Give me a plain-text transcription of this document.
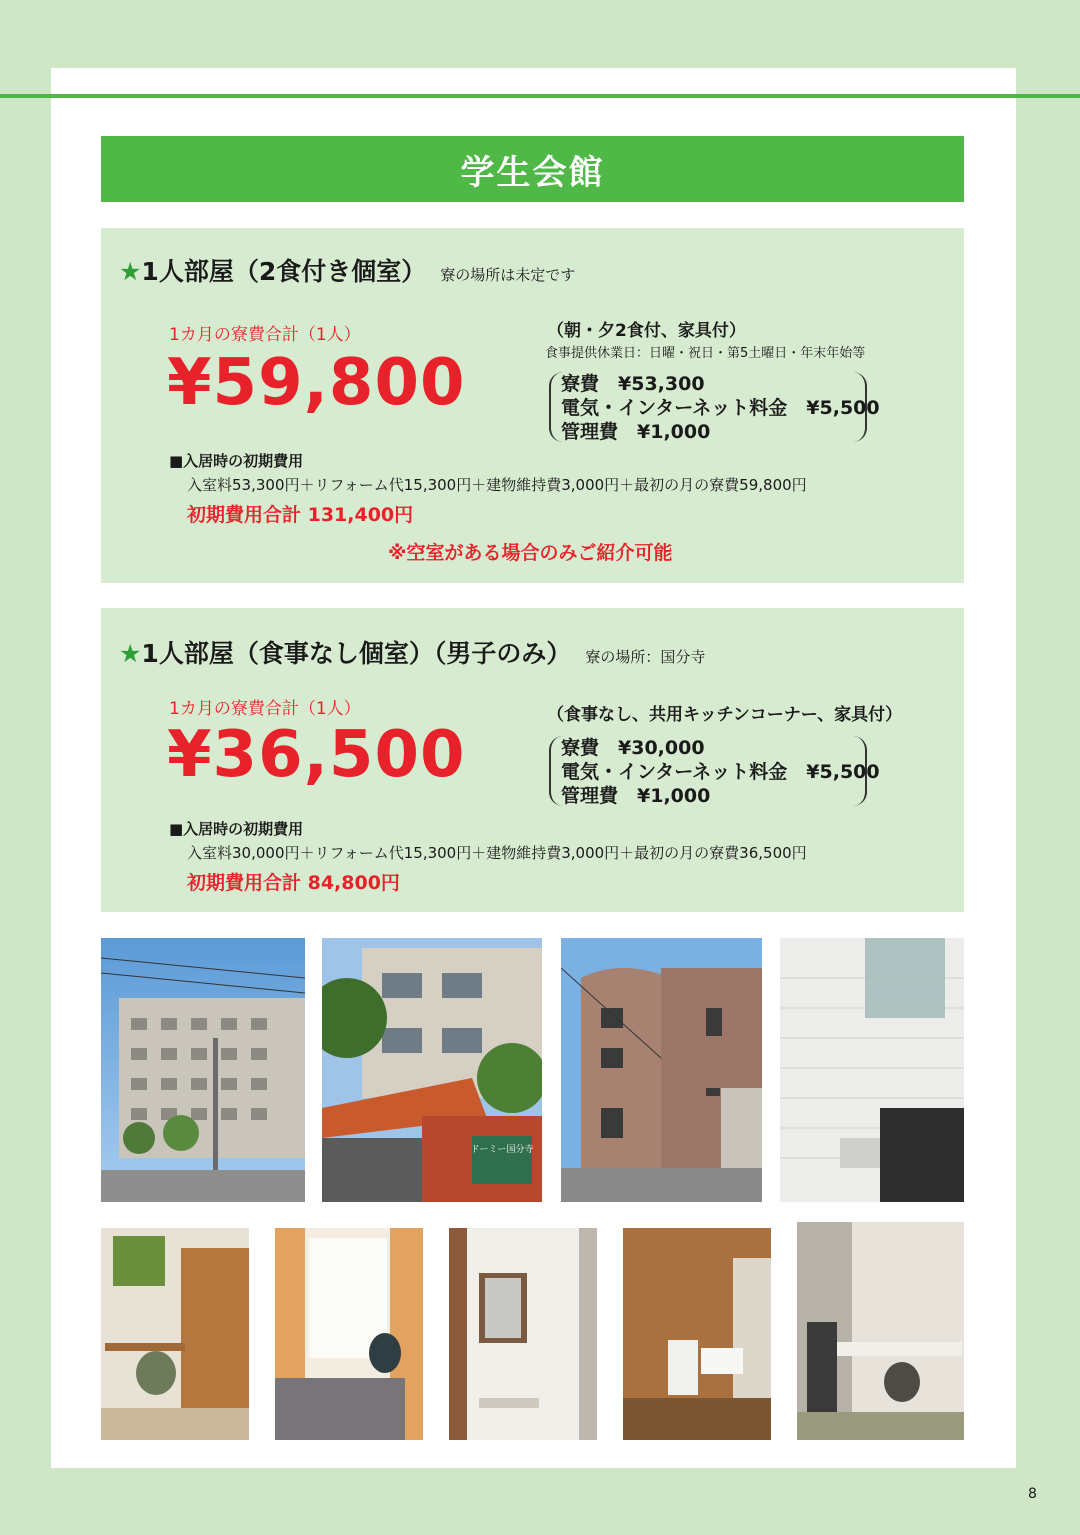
学生会館
★1人部屋（2食付き個室） 寮の場所は未定です
1カ月の寮費合計（1人）
¥59,800
（朝・夕2食付、家具付）
食事提供休業日：日曜・祝日・第5土曜日・年末年始等
寮費　¥53,300
電気・インターネット料金　¥5,500
管理費　¥1,000
■入居時の初期費用
入室料53,300円＋リフォーム代15,300円＋建物維持費3,000円＋最初の月の寮費59,800円
初期費用合計 131,400円
※空室がある場合のみご紹介可能
★1人部屋（食事なし個室）（男子のみ） 寮の場所：国分寺
1カ月の寮費合計（1人）
¥36,500
（食事なし、共用キッチンコーナー、家具付）
寮費　¥30,000
電気・インターネット料金　¥5,500
管理費　¥1,000
■入居時の初期費用
入室料30,000円＋リフォーム代15,300円＋建物維持費3,000円＋最初の月の寮費36,500円
初期費用合計 84,800円
ドーミー国分寺
8
